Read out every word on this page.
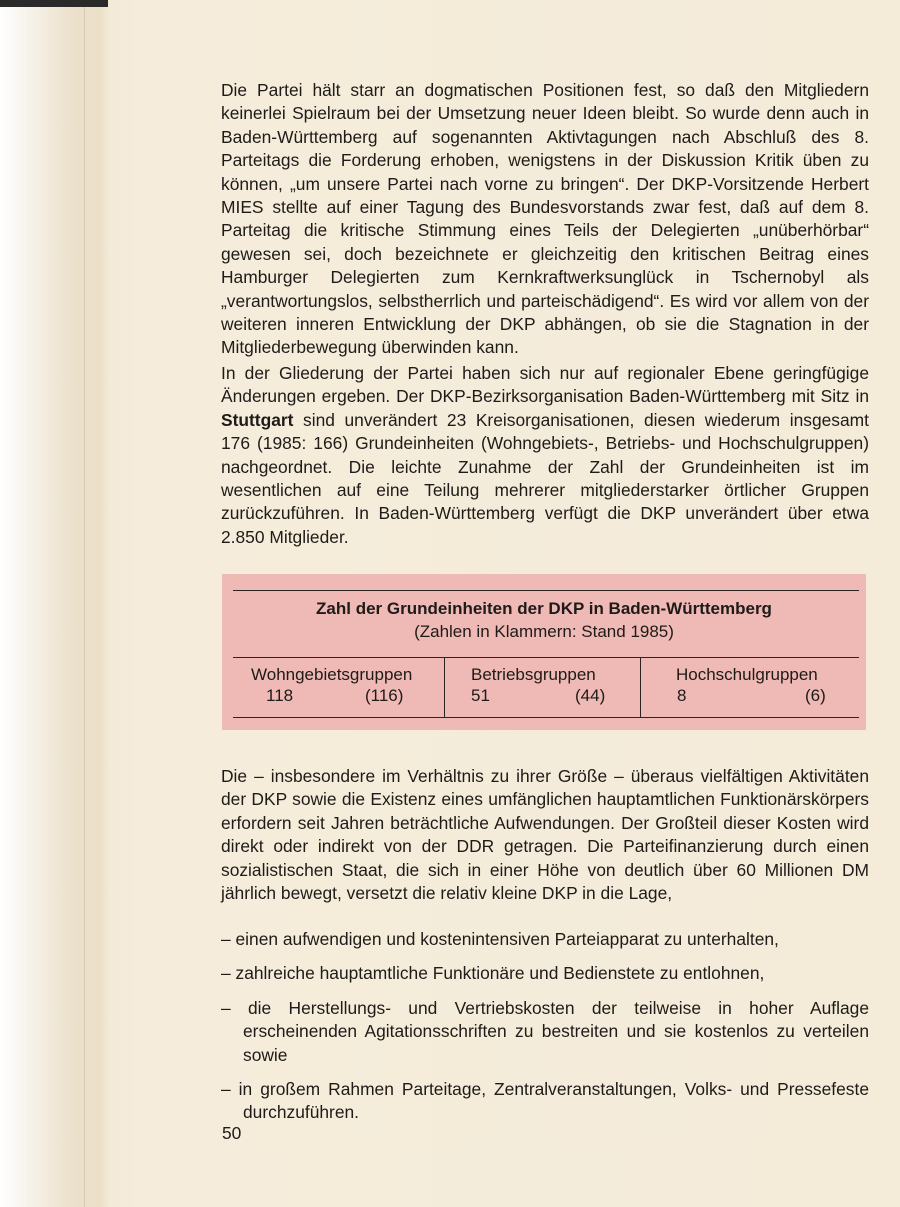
Die Partei hält starr an dogmatischen Positionen fest, so daß den Mitgliedern keinerlei Spielraum bei der Umsetzung neuer Ideen bleibt. So wurde denn auch in Baden-Württemberg auf sogenannten Aktivtagungen nach Abschluß des 8. Parteitags die Forderung erhoben, wenigstens in der Diskussion Kritik üben zu können, „um unsere Partei nach vorne zu bringen“. Der DKP-Vorsitzende Herbert MIES stellte auf einer Tagung des Bundesvorstands zwar fest, daß auf dem 8. Parteitag die kritische Stimmung eines Teils der Delegierten „unüberhörbar“ gewesen sei, doch bezeichnete er gleichzeitig den kritischen Beitrag eines Hamburger Delegierten zum Kernkraftwerksunglück in Tschernobyl als „verantwortungslos, selbstherrlich und parteischädigend“. Es wird vor allem von der weiteren inneren Entwicklung der DKP abhängen, ob sie die Stagnation in der Mitgliederbewegung überwinden kann.

In der Gliederung der Partei haben sich nur auf regionaler Ebene geringfügige Änderungen ergeben. Der DKP-Bezirksorganisation Baden-Württemberg mit Sitz in Stuttgart sind unverändert 23 Kreisorganisationen, diesen wiederum insgesamt 176 (1985: 166) Grundeinheiten (Wohngebiets-, Betriebs- und Hochschulgruppen) nachgeordnet. Die leichte Zunahme der Zahl der Grundeinheiten ist im wesentlichen auf eine Teilung mehrerer mitgliederstarker örtlicher Gruppen zurückzuführen. In Baden-Württemberg verfügt die DKP unverändert über etwa 2.850 Mitglieder.

Zahl der Grundeinheiten der DKP in Baden-Württemberg
(Zahlen in Klammern: Stand 1985)
Wohngebietsgruppen
118	(116)
Betriebsgruppen
51	(44)
Hochschulgruppen
8	(6)

Die – insbesondere im Verhältnis zu ihrer Größe – überaus vielfältigen Aktivitäten der DKP sowie die Existenz eines umfänglichen hauptamtlichen Funktionärskörpers erfordern seit Jahren beträchtliche Aufwendungen. Der Großteil dieser Kosten wird direkt oder indirekt von der DDR getragen. Die Parteifinanzierung durch einen sozialistischen Staat, die sich in einer Höhe von deutlich über 60 Millionen DM jährlich bewegt, versetzt die relativ kleine DKP in die Lage,

– einen aufwendigen und kostenintensiven Parteiapparat zu unterhalten,

– zahlreiche hauptamtliche Funktionäre und Bedienstete zu entlohnen,

– die Herstellungs- und Vertriebskosten der teilweise in hoher Auflage erscheinenden Agitationsschriften zu bestreiten und sie kostenlos zu verteilen sowie

– in großem Rahmen Parteitage, Zentralveranstaltungen, Volks- und Pressefeste durchzuführen.

50
